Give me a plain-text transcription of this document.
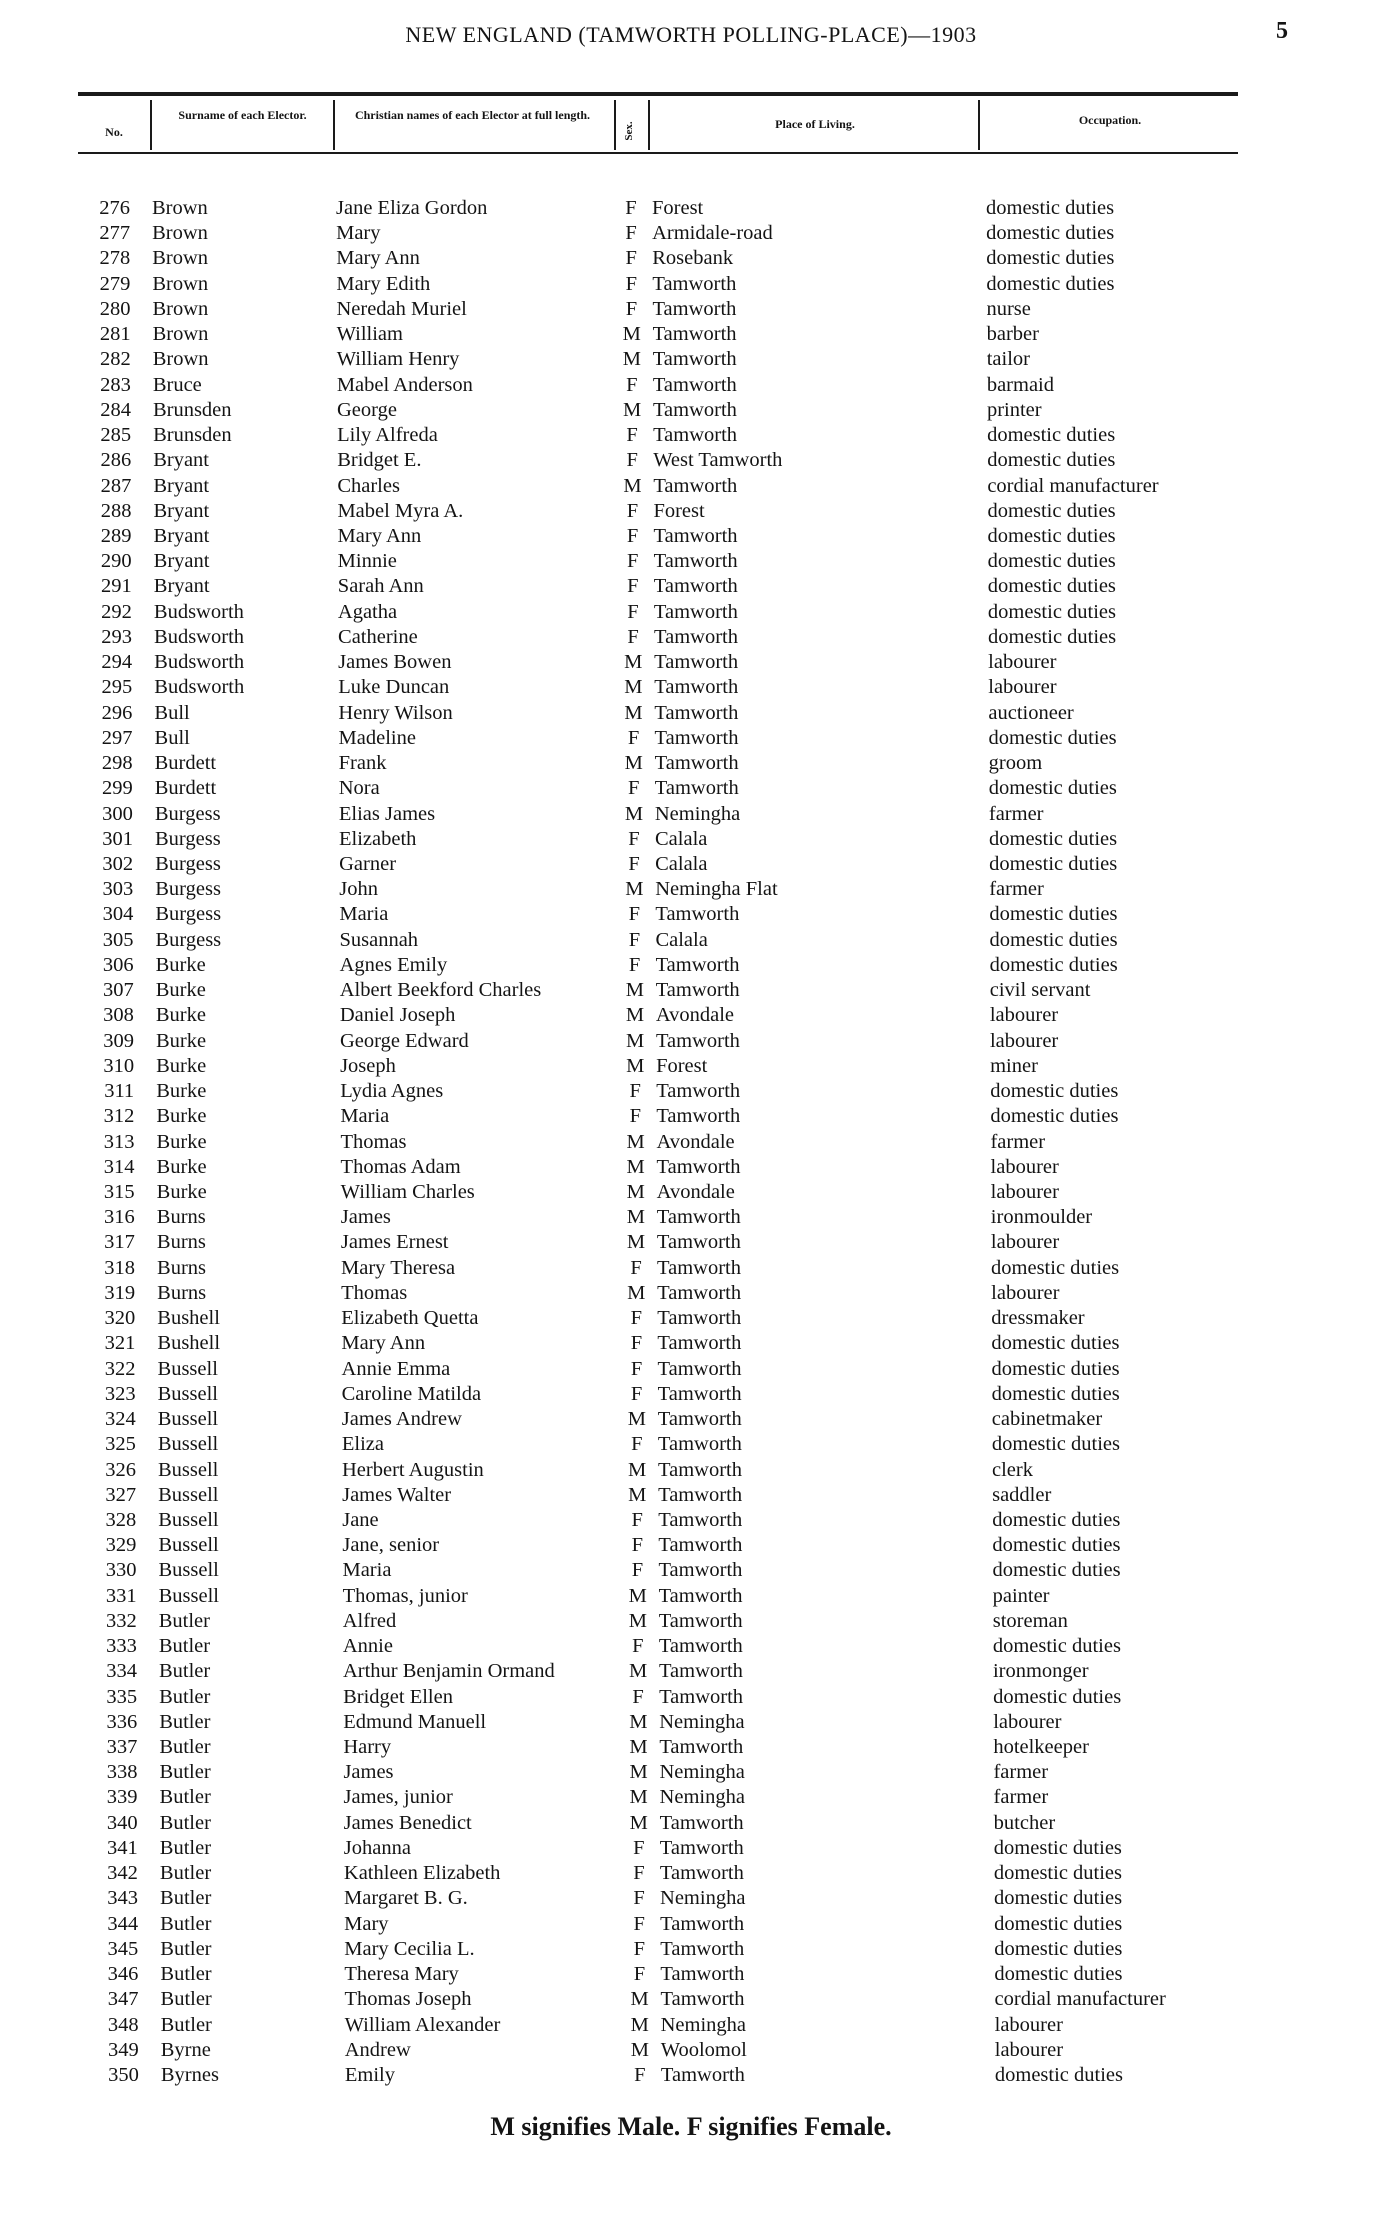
NEW ENGLAND (TAMWORTH POLLING-PLACE)—1903	5
No.
Surname of each Elector.	Christian names of each Elector at full length.
Sex.	Place of Living.	Occupation.
276 Brown	Jane Eliza Gordon	F Forest	domestic duties
277 Brown	Mary	F Armidale-road	domestic duties
278 Brown	Mary Ann	F Rosebank	domestic duties
279 Brown	Mary Edith	F Tamworth	domestic duties
280 Brown	Neredah Muriel	F Tamworth	nurse
281 Brown	William	M Tamworth	barber
282 Brown	William Henry	M Tamworth	tailor
283 Bruce	Mabel Anderson	F Tamworth	barmaid
284 Brunsden	George	M Tamworth	printer
285 Brunsden	Lily Alfreda	F Tamworth	domestic duties
286 Bryant	Bridget E.	F West Tamworth	domestic duties
287 Bryant	Charles	M Tamworth	cordial manufacturer
288 Bryant	Mabel Myra A.	F Forest	domestic duties
289 Bryant	Mary Ann	F Tamworth	domestic duties
290 Bryant	Minnie	F Tamworth	domestic duties
291 Bryant	Sarah Ann	F Tamworth	domestic duties
292 Budsworth	Agatha	F Tamworth	domestic duties
293 Budsworth	Catherine	F Tamworth	domestic duties
294 Budsworth	James Bowen	M Tamworth	labourer
295 Budsworth	Luke Duncan	M Tamworth	labourer
296 Bull	Henry Wilson	M Tamworth	auctioneer
297 Bull	Madeline	F Tamworth	domestic duties
298 Burdett	Frank	M Tamworth	groom
299 Burdett	Nora	F Tamworth	domestic duties
300 Burgess	Elias James	M Nemingha	farmer
301 Burgess	Elizabeth	F Calala	domestic duties
302 Burgess	Garner	F Calala	domestic duties
303 Burgess	John	M Nemingha Flat	farmer
304 Burgess	Maria	F Tamworth	domestic duties
305 Burgess	Susannah	F Calala	domestic duties
306 Burke	Agnes Emily	F Tamworth	domestic duties
307 Burke	Albert Beekford Charles	M Tamworth	civil servant
308 Burke	Daniel Joseph	M Avondale	labourer
309 Burke	George Edward	M Tamworth	labourer
310 Burke	Joseph	M Forest	miner
311 Burke	Lydia Agnes	F Tamworth	domestic duties
312 Burke	Maria	F Tamworth	domestic duties
313 Burke	Thomas	M Avondale	farmer
314 Burke	Thomas Adam	M Tamworth	labourer
315 Burke	William Charles	M Avondale	labourer
316 Burns	James	M Tamworth	ironmoulder
317 Burns	James Ernest	M Tamworth	labourer
318 Burns	Mary Theresa	F Tamworth	domestic duties
319 Burns	Thomas	M Tamworth	labourer
320 Bushell	Elizabeth Quetta	F Tamworth	dressmaker
321 Bushell	Mary Ann	F Tamworth	domestic duties
322 Bussell	Annie Emma	F Tamworth	domestic duties
323 Bussell	Caroline Matilda	F Tamworth	domestic duties
324 Bussell	James Andrew	M Tamworth	cabinetmaker
325 Bussell	Eliza	F Tamworth	domestic duties
326 Bussell	Herbert Augustin	M Tamworth	clerk
327 Bussell	James Walter	M Tamworth	saddler
328 Bussell	Jane	F Tamworth	domestic duties
329 Bussell	Jane, senior	F Tamworth	domestic duties
330 Bussell	Maria	F Tamworth	domestic duties
331 Bussell	Thomas, junior	M Tamworth	painter
332 Butler	Alfred	M Tamworth	storeman
333 Butler	Annie	F Tamworth	domestic duties
334 Butler	Arthur Benjamin Ormand	M Tamworth	ironmonger
335 Butler	Bridget Ellen	F Tamworth	domestic duties
336 Butler	Edmund Manuell	M Nemingha	labourer
337 Butler	Harry	M Tamworth	hotelkeeper
338 Butler	James	M Nemingha	farmer
339 Butler	James, junior	M Nemingha	farmer
340 Butler	James Benedict	M Tamworth	butcher
341 Butler	Johanna	F Tamworth	domestic duties
342 Butler	Kathleen Elizabeth	F Tamworth	domestic duties
343 Butler	Margaret B. G.	F Nemingha	domestic duties
344 Butler	Mary	F Tamworth	domestic duties
345 Butler	Mary Cecilia L.	F Tamworth	domestic duties
346 Butler	Theresa Mary	F Tamworth	domestic duties
347 Butler	Thomas Joseph	M Tamworth	cordial manufacturer
348 Butler	William Alexander	M Nemingha	labourer
349 Byrne	Andrew	M Woolomol	labourer
350 Byrnes	Emily	F Tamworth	domestic duties
M signifies Male. F signifies Female.
